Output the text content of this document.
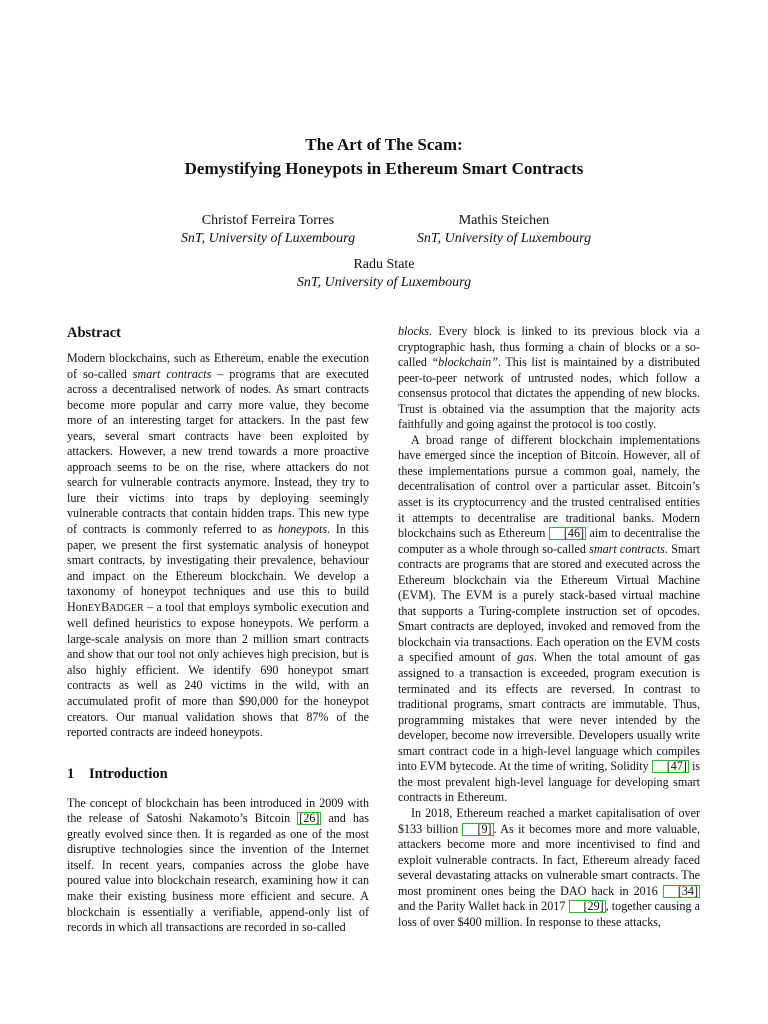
The Art of The Scam:
Demystifying Honeypots in Ethereum Smart Contracts
Christof Ferreira Torres
SnT, University of Luxembourg
Mathis Steichen
SnT, University of Luxembourg
Radu State
SnT, University of Luxembourg
Abstract

Modern blockchains, such as Ethereum, enable the execution of so-called smart contracts – programs that are executed across a decentralised network of nodes. As smart contracts become more popular and carry more value, they become more of an interesting target for attackers. In the past few years, several smart contracts have been exploited by attackers. However, a new trend towards a more proactive approach seems to be on the rise, where attackers do not search for vulnerable contracts anymore. Instead, they try to lure their victims into traps by deploying seemingly vulnerable contracts that contain hidden traps. This new type of contracts is commonly referred to as honeypots. In this paper, we present the first systematic analysis of honeypot smart contracts, by investigating their prevalence, behaviour and impact on the Ethereum blockchain. We develop a taxonomy of honeypot techniques and use this to build HonEYBADGER – a tool that employs symbolic execution and well defined heuristics to expose honeypots. We perform a large-scale analysis on more than 2 million smart contracts and show that our tool not only achieves high precision, but is also highly efficient. We identify 690 honeypot smart contracts as well as 240 victims in the wild, with an accumulated profit of more than $90,000 for the honeypot creators. Our manual validation shows that 87% of the reported contracts are indeed honeypots.

1 Introduction

The concept of blockchain has been introduced in 2009 with the release of Satoshi Nakamoto’s Bitcoin [26] and has greatly evolved since then. It is regarded as one of the most disruptive technologies since the invention of the Internet itself. In recent years, companies across the globe have poured value into blockchain research, examining how it can make their existing business more efficient and secure. A blockchain is essentially a verifiable, append-only list of records in which all transactions are recorded in so-called

blocks. Every block is linked to its previous block via a cryptographic hash, thus forming a chain of blocks or a so-called “blockchain”. This list is maintained by a distributed peer-to-peer network of untrusted nodes, which follow a consensus protocol that dictates the appending of new blocks. Trust is obtained via the assumption that the majority acts faithfully and going against the protocol is too costly.

A broad range of different blockchain implementations have emerged since the inception of Bitcoin. However, all of these implementations pursue a common goal, namely, the decentralisation of control over a particular asset. Bitcoin’s asset is its cryptocurrency and the trusted centralised entities it attempts to decentralise are traditional banks. Modern blockchains such as Ethereum [46] aim to decentralise the computer as a whole through so-called smart contracts. Smart contracts are programs that are stored and executed across the Ethereum blockchain via the Ethereum Virtual Machine (EVM). The EVM is a purely stack-based virtual machine that supports a Turing-complete instruction set of opcodes. Smart contracts are deployed, invoked and removed from the blockchain via transactions. Each operation on the EVM costs a specified amount of gas. When the total amount of gas assigned to a transaction is exceeded, program execution is terminated and its effects are reversed. In contrast to traditional programs, smart contracts are immutable. Thus, programming mistakes that were never intended by the developer, become now irreversible. Developers usually write smart contract code in a high-level language which compiles into EVM bytecode. At the time of writing, Solidity [47] is the most prevalent high-level language for developing smart contracts in Ethereum.

In 2018, Ethereum reached a market capitalisation of over $133 billion [9] . As it becomes more and more valuable, attackers become more and more incentivised to find and exploit vulnerable contracts. In fact, Ethereum already faced several devastating attacks on vulnerable smart contracts. The most prominent ones being the DAO hack in 2016 [34] and the Parity Wallet hack in 2017 [29] , together causing a loss of over $400 million. In response to these attacks,
